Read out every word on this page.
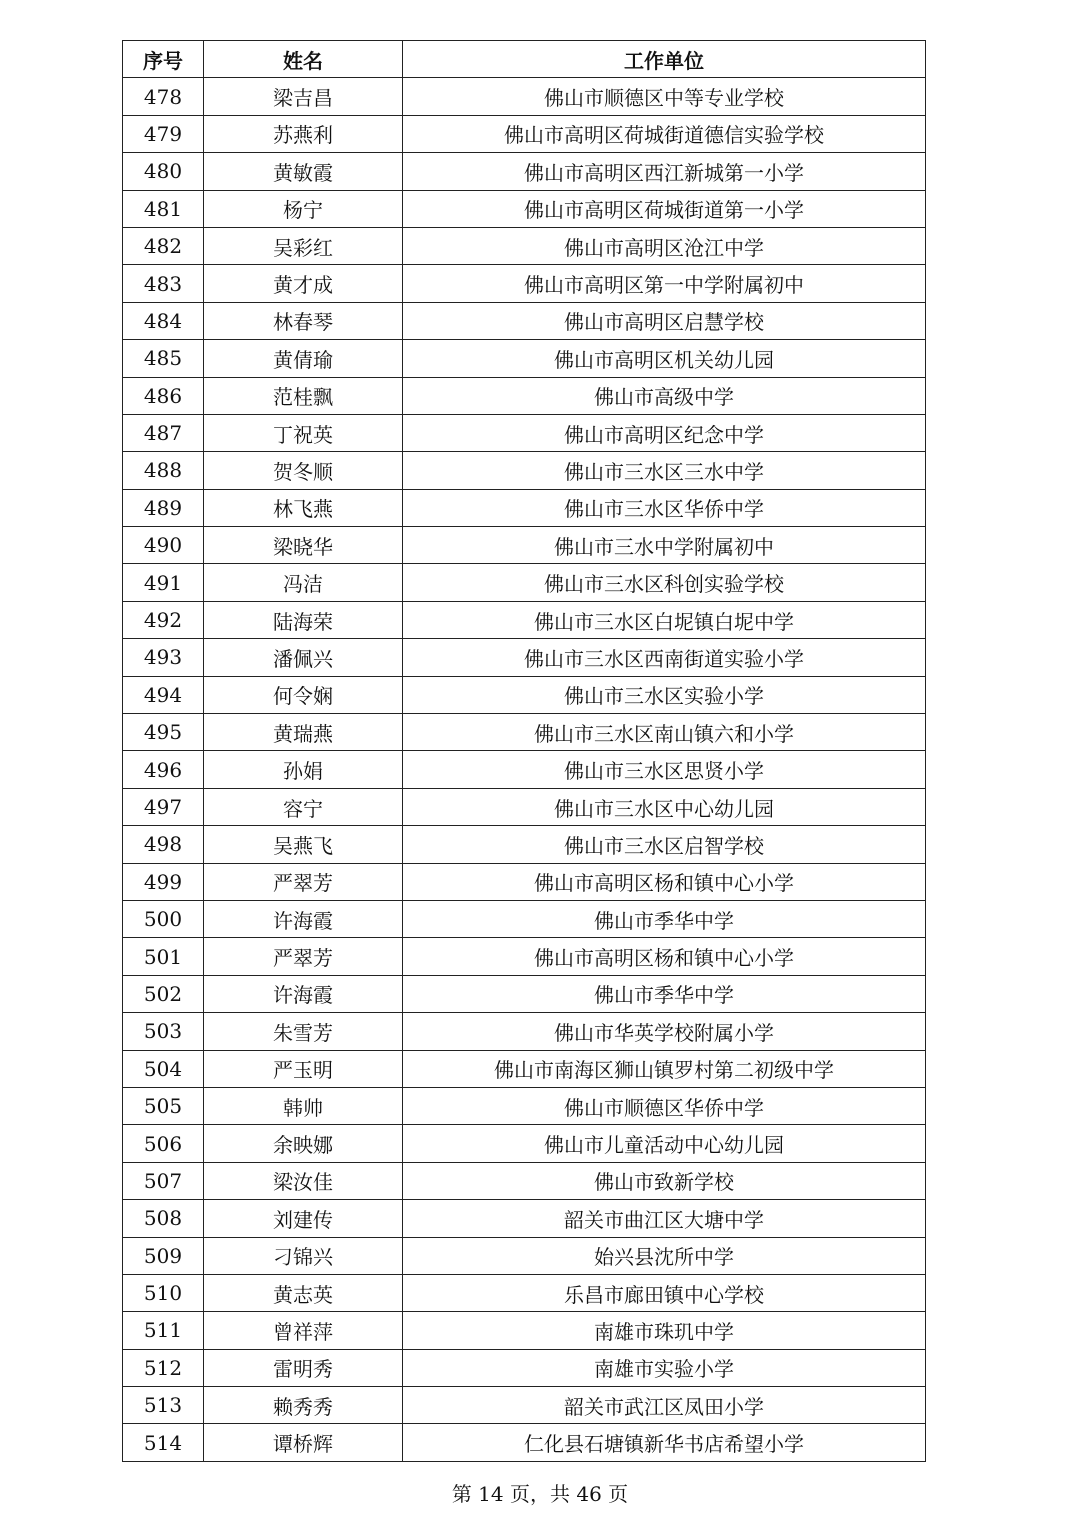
序号	姓名	工作单位
478	梁吉昌	佛山市顺德区中等专业学校
479	苏燕利	佛山市高明区荷城街道德信实验学校
480	黄敏霞	佛山市高明区西江新城第一小学
481	杨宁	佛山市高明区荷城街道第一小学
482	吴彩红	佛山市高明区沧江中学
483	黄才成	佛山市高明区第一中学附属初中
484	林春琴	佛山市高明区启慧学校
485	黄倩瑜	佛山市高明区机关幼儿园
486	范桂飘	佛山市高级中学
487	丁祝英	佛山市高明区纪念中学
488	贺冬顺	佛山市三水区三水中学
489	林飞燕	佛山市三水区华侨中学
490	梁晓华	佛山市三水中学附属初中
491	冯洁	佛山市三水区科创实验学校
492	陆海荣	佛山市三水区白坭镇白坭中学
493	潘佩兴	佛山市三水区西南街道实验小学
494	何令娴	佛山市三水区实验小学
495	黄瑞燕	佛山市三水区南山镇六和小学
496	孙娟	佛山市三水区思贤小学
497	容宁	佛山市三水区中心幼儿园
498	吴燕飞	佛山市三水区启智学校
499	严翠芳	佛山市高明区杨和镇中心小学
500	许海霞	佛山市季华中学
501	严翠芳	佛山市高明区杨和镇中心小学
502	许海霞	佛山市季华中学
503	朱雪芳	佛山市华英学校附属小学
504	严玉明	佛山市南海区狮山镇罗村第二初级中学
505	韩帅	佛山市顺德区华侨中学
506	余映娜	佛山市儿童活动中心幼儿园
507	梁汝佳	佛山市致新学校
508	刘建传	韶关市曲江区大塘中学
509	刁锦兴	始兴县沈所中学
510	黄志英	乐昌市廊田镇中心学校
511	曾祥萍	南雄市珠玑中学
512	雷明秀	南雄市实验小学
513	赖秀秀	韶关市武江区凤田小学
514	谭桥辉	仁化县石塘镇新华书店希望小学
第 14 页，共 46 页
